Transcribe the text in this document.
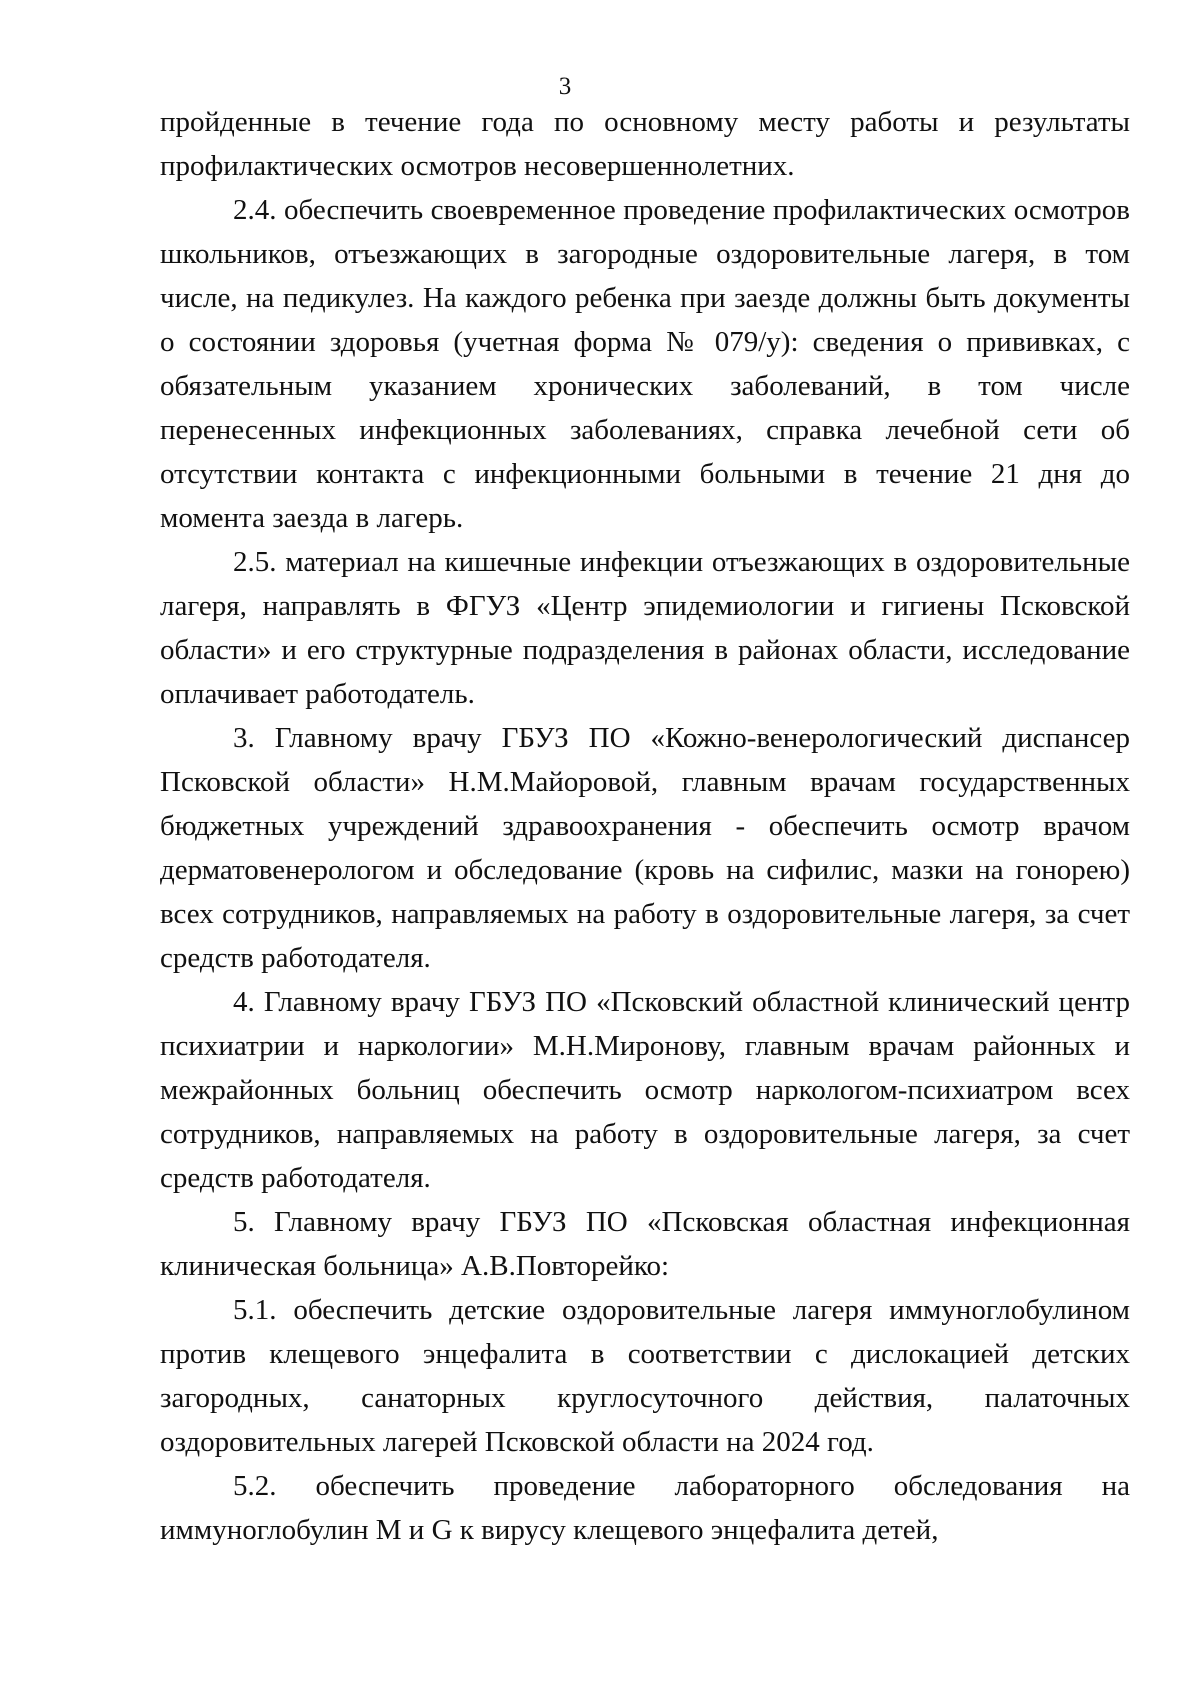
3

пройденные в течение года по основному месту работы и результаты профилактических осмотров несовершеннолетних.

2.4. обеспечить своевременное проведение профилактических осмотров школьников, отъезжающих в загородные оздоровительные лагеря, в том числе, на педикулез. На каждого ребенка при заезде должны быть документы о состоянии здоровья (учетная форма № 079/у): сведения о прививках, с обязательным указанием хронических заболеваний, в том числе перенесенных инфекционных заболеваниях, справка лечебной сети об отсутствии контакта с инфекционными больными в течение 21 дня до момента заезда в лагерь.

2.5. материал на кишечные инфекции отъезжающих в оздоровительные лагеря, направлять в ФГУЗ «Центр эпидемиологии и гигиены Псковской области» и его структурные подразделения в районах области, исследование оплачивает работодатель.

3. Главному врачу ГБУЗ ПО «Кожно-венерологический диспансер Псковской области» Н.М.Майоровой, главным врачам государственных бюджетных учреждений здравоохранения - обеспечить осмотр врачом дерматовенерологом и обследование (кровь на сифилис, мазки на гонорею) всех сотрудников, направляемых на работу в оздоровительные лагеря, за счет средств работодателя.

4. Главному врачу ГБУЗ ПО «Псковский областной клинический центр психиатрии и наркологии» М.Н.Миронову, главным врачам районных и межрайонных больниц обеспечить осмотр наркологом-психиатром всех сотрудников, направляемых на работу в оздоровительные лагеря, за счет средств работодателя.

5. Главному врачу ГБУЗ ПО «Псковская областная инфекционная клиническая больница» А.В.Повторейко:

5.1. обеспечить детские оздоровительные лагеря иммуноглобулином против клещевого энцефалита в соответствии с дислокацией детских загородных, санаторных круглосуточного действия, палаточных оздоровительных лагерей Псковской области на 2024 год.

5.2. обеспечить проведение лабораторного обследования на иммуноглобулин М и G к вирусу клещевого энцефалита детей,
